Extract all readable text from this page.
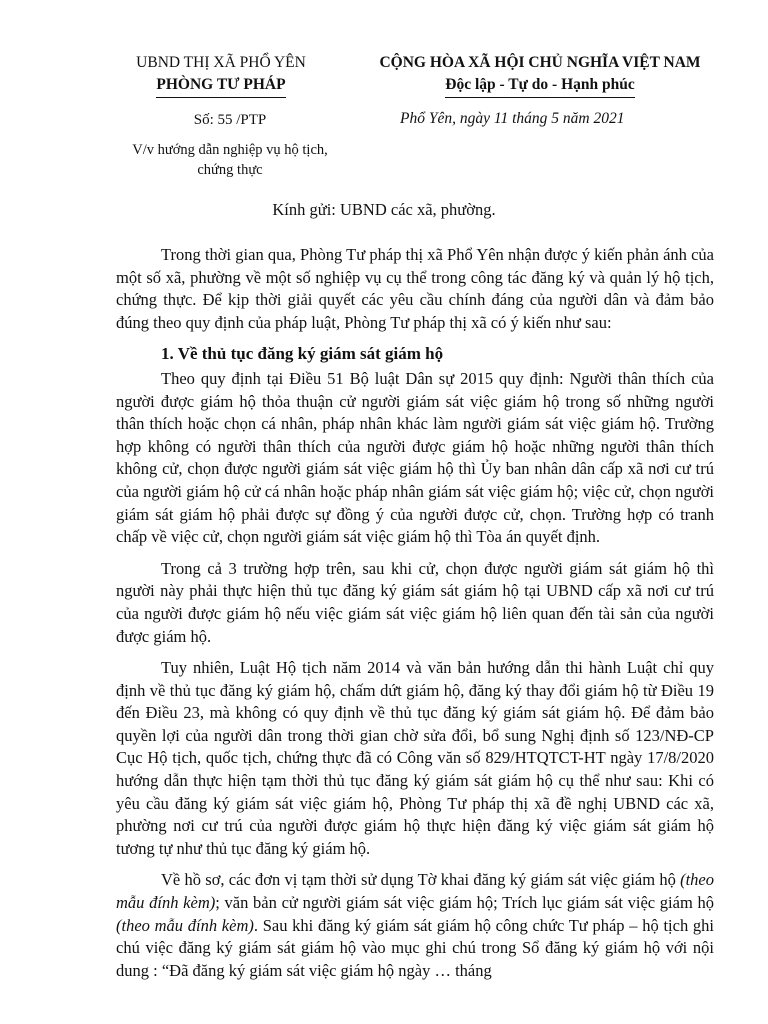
UBND THỊ XÃ PHỔ YÊN
PHÒNG TƯ PHÁP
CỘNG HÒA XÃ HỘI CHỦ NGHĨA VIỆT NAM
Độc lập - Tự do - Hạnh phúc
Số: 55 /PTP
V/v hướng dẫn nghiệp vụ hộ tịch, chứng thực
Phổ Yên, ngày 11 tháng 5 năm 2021
Kính gửi: UBND các xã, phường.

Trong thời gian qua, Phòng Tư pháp thị xã Phổ Yên nhận được ý kiến phản ánh của một số xã, phường về một số nghiệp vụ cụ thể trong công tác đăng ký và quản lý hộ tịch, chứng thực. Để kịp thời giải quyết các yêu cầu chính đáng của người dân và đảm bảo đúng theo quy định của pháp luật, Phòng Tư pháp thị xã có ý kiến như sau:

1. Về thủ tục đăng ký giám sát giám hộ

Theo quy định tại Điều 51 Bộ luật Dân sự 2015 quy định: Người thân thích của người được giám hộ thỏa thuận cử người giám sát việc giám hộ trong số những người thân thích hoặc chọn cá nhân, pháp nhân khác làm người giám sát việc giám hộ. Trường hợp không có người thân thích của người được giám hộ hoặc những người thân thích không cử, chọn được người giám sát việc giám hộ thì Ủy ban nhân dân cấp xã nơi cư trú của người giám hộ cử cá nhân hoặc pháp nhân giám sát việc giám hộ; việc cử, chọn người giám sát giám hộ phải được sự đồng ý của người được cử, chọn. Trường hợp có tranh chấp về việc cử, chọn người giám sát việc giám hộ thì Tòa án quyết định.

Trong cả 3 trường hợp trên, sau khi cử, chọn được người giám sát giám hộ thì người này phải thực hiện thủ tục đăng ký giám sát giám hộ tại UBND cấp xã nơi cư trú của người được giám hộ nếu việc giám sát việc giám hộ liên quan đến tài sản của người được giám hộ.

Tuy nhiên, Luật Hộ tịch năm 2014 và văn bản hướng dẫn thi hành Luật chỉ quy định về thủ tục đăng ký giám hộ, chấm dứt giám hộ, đăng ký thay đổi giám hộ từ Điều 19 đến Điều 23, mà không có quy định về thủ tục đăng ký giám sát giám hộ. Để đảm bảo quyền lợi của người dân trong thời gian chờ sửa đổi, bổ sung Nghị định số 123/NĐ-CP Cục Hộ tịch, quốc tịch, chứng thực đã có Công văn số 829/HTQTCT-HT ngày 17/8/2020 hướng dẫn thực hiện tạm thời thủ tục đăng ký giám sát giám hộ cụ thể như sau: Khi có yêu cầu đăng ký giám sát việc giám hộ, Phòng Tư pháp thị xã đề nghị UBND các xã, phường nơi cư trú của người được giám hộ thực hiện đăng ký việc giám sát giám hộ tương tự như thủ tục đăng ký giám hộ.

Về hồ sơ, các đơn vị tạm thời sử dụng Tờ khai đăng ký giám sát việc giám hộ (theo mẫu đính kèm); văn bản cử người giám sát việc giám hộ; Trích lục giám sát việc giám hộ (theo mẫu đính kèm). Sau khi đăng ký giám sát giám hộ công chức Tư pháp – hộ tịch ghi chú việc đăng ký giám sát giám hộ vào mục ghi chú trong Sổ đăng ký giám hộ với nội dung : “Đã đăng ký giám sát việc giám hộ ngày … tháng
